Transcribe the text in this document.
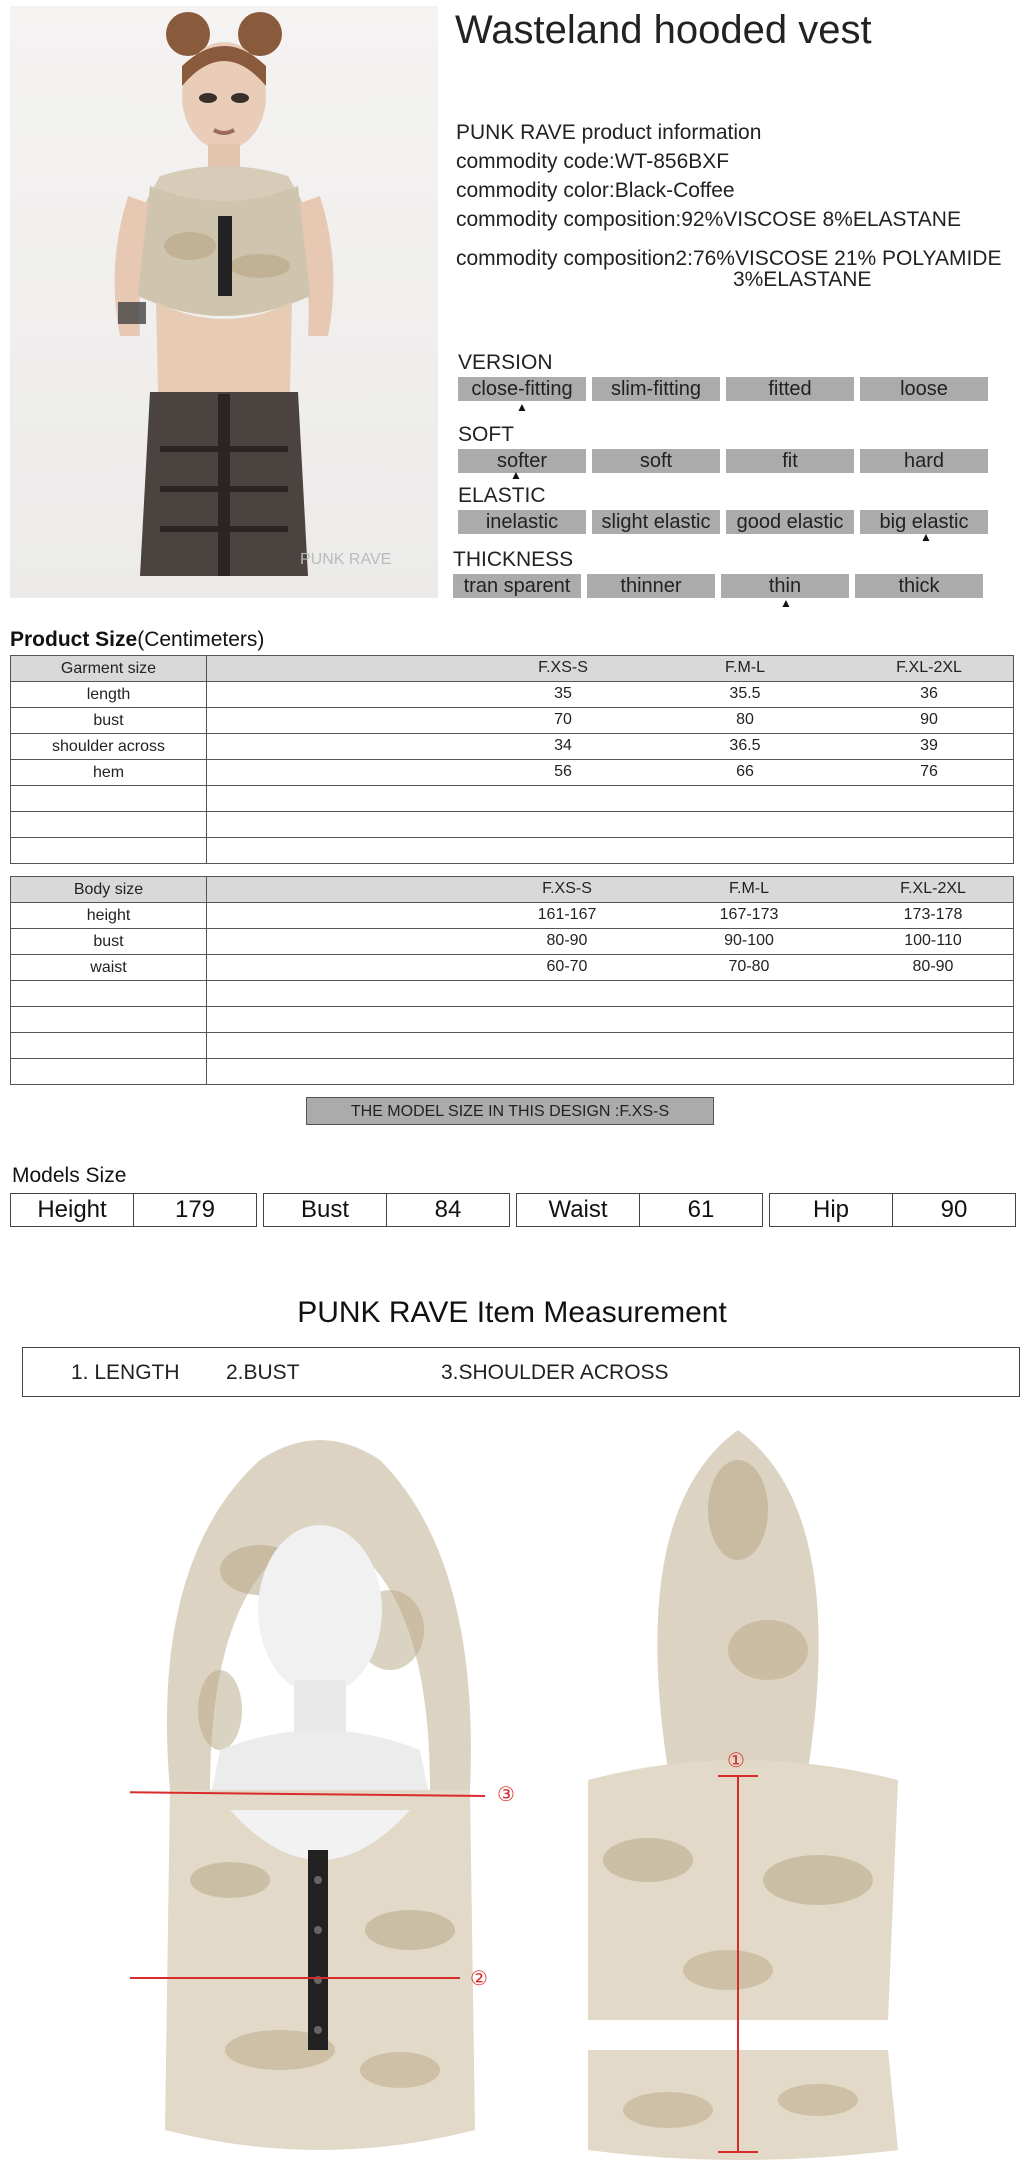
PUNK RAVE
Wasteland hooded vest
PUNK RAVE product information
commodity code:WT-856BXF
commodity color:Black-Coffee
commodity composition:92%VISCOSE 8%ELASTANE
commodity composition2: 76%VISCOSE 21% POLYAMIDE
3%ELASTANE
VERSION
close-fitting	slim-fitting	fitted	loose
▲
SOFT
softer	soft	fit	hard
▲
ELASTIC
inelastic	slight elastic	good elastic	big elastic
▲
THICKNESS
tran sparent	thinner	thin	thick
▲
Product Size(Centimeters)
Garment size	F.XS-S F.M-L F.XL-2XL

length	35 35.5 36

bust	70 80 90

shoulder across	34 36.5 39

hem	56 66 76

Body size	F.XS-S F.M-L F.XL-2XL

height	161-167 167-173 173-178

bust	80-90 90-100 100-110

waist	60-70 70-80 80-90

THE MODEL SIZE IN THIS DESIGN :F.XS-S
Models Size
Height	179	Bust	84	Waist	61	Hip	90
PUNK RAVE Item Measurement
1. LENGTH 2.BUST	3.SHOULDER ACROSS
③
②
①
